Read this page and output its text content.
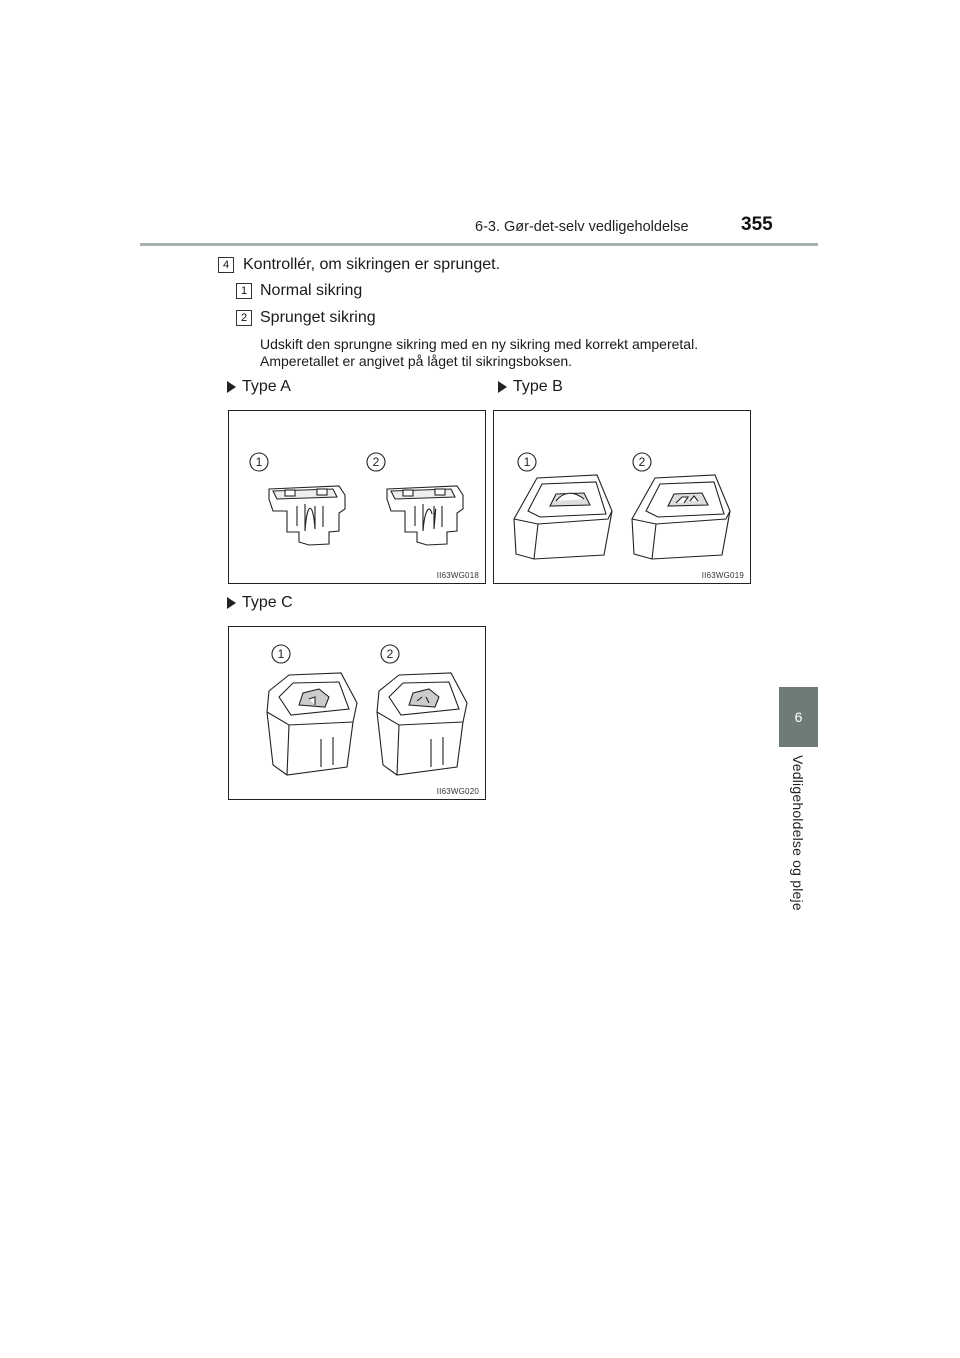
6-3. Gør-det-selv vedligeholdelse	355
6
Vedligeholdelse og pleje
4 Kontrollér, om sikringen er sprunget.
1 Normal sikring
2 Sprunget sikring
Udskift den sprungne sikring med en ny sikring med korrekt amperetal.
Amperetallet er angivet på låget til sikringsboksen.
Type A	Type B
Type C
1	2
II63WG018
1	2
II63WG019
1	2
II63WG020
